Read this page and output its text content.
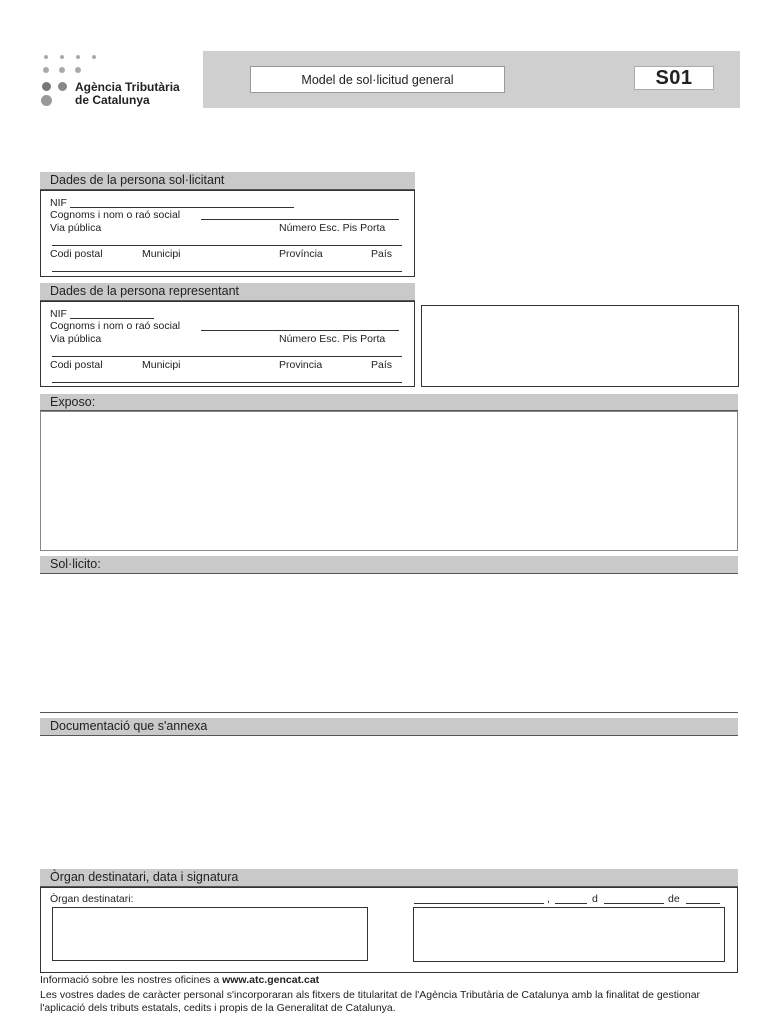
Agència Tributària
de Catalunya
Model de sol·licitud general	S01
Dades de la persona sol·licitant
NIF
Cognoms i nom o raó social
Via pública	Número Esc. Pis Porta
Codi postal	Municipi	Província	País
Dades de la persona representant
NIF
Cognoms i nom o raó social
Via pública	Número Esc. Pis Porta
Codi postal	Municipi	Provincia	País
Exposo:
Sol·licito:
Documentació que s'annexa
Òrgan destinatari, data i signatura
Òrgan destinatari:	,	d	de
Informació sobre les nostres oficines a www.atc.gencat.cat
Les vostres dades de caràcter personal s'incorporaran als fitxers de titularitat de l'Agència Tributària de Catalunya amb la finalitat de gestionar l'aplicació dels tributs estatals, cedits i propis de la Generalitat de Catalunya.
